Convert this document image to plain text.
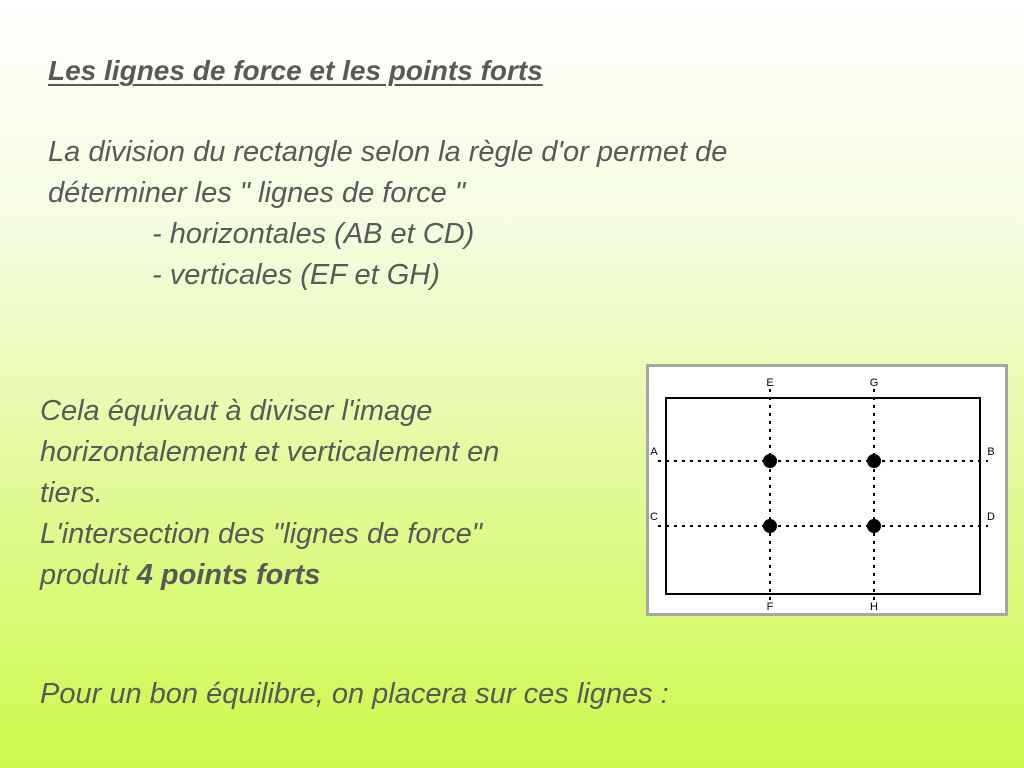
Les lignes de force et les points forts
La division du rectangle selon la règle d'or permet de
déterminer les " lignes de force "
- horizontales (AB et CD)
- verticales (EF et GH)
Cela équivaut à diviser l'image
horizontalement et verticalement en
tiers.
L'intersection des "lignes de force"
produit 4 points forts
E	G
F	H
A
C
B
D
Pour un bon équilibre, on placera sur ces lignes :
